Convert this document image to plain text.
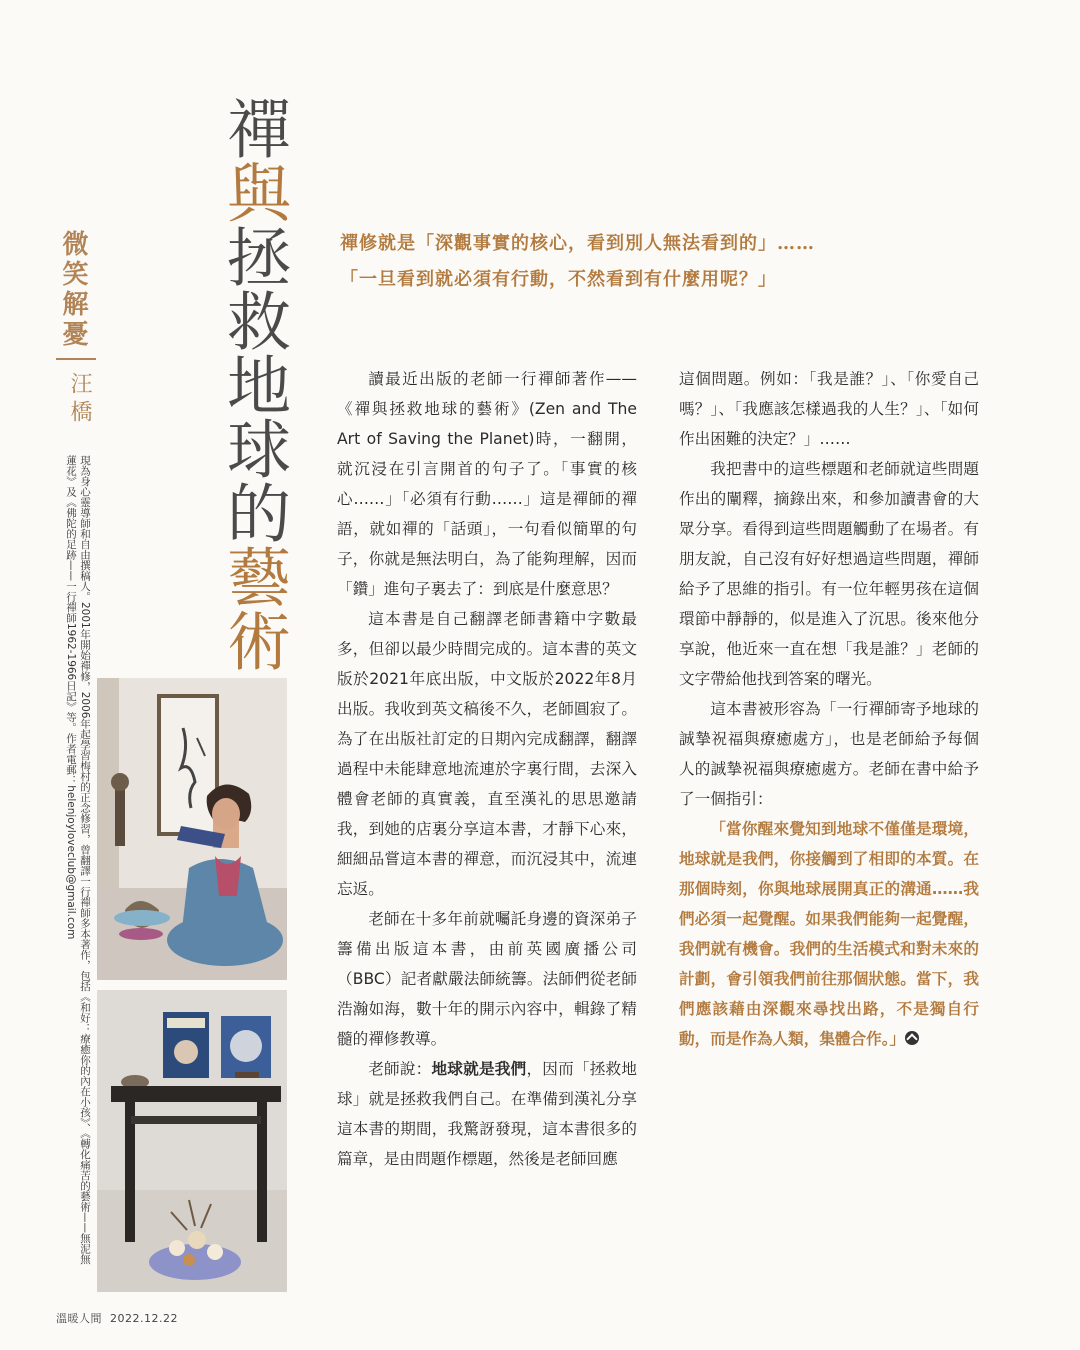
微笑解憂
汪橋
現為身心靈導師和自由撰稿人。2001年開始禪修，2006年起學習梅村的正念修習，曾翻譯一行禪師多本著作，包括《和好：療癒你的內在小孩》、《轉化痛苦的藝術——無泥無蓮花》及《佛陀的足跡——一行禪師1962-1966日記》等。作者電郵：helenjoyloveclub@gmail.com
禪與拯救地球的藝術

禪修就是「深觀事實的核心，看到別人無法看到的」……

「一旦看到就必須有行動，不然看到有什麼用呢？」

讀最近出版的老師一行禪師著作——《禪與拯救地球的藝術》(Zen and The Art of Saving the Planet)時，一翻開，就沉浸在引言開首的句子了。「事實的核心……」「必須有行動……」這是禪師的禪語，就如禪的「話頭」，一句看似簡單的句子，你就是無法明白，為了能夠理解，因而「鑽」進句子裏去了：到底是什麼意思？

這本書是自己翻譯老師書籍中字數最多，但卻以最少時間完成的。這本書的英文版於2021年底出版，中文版於2022年8月出版。我收到英文稿後不久，老師圓寂了。為了在出版社訂定的日期內完成翻譯，翻譯過程中未能肆意地流連於字裏行間，去深入體會老師的真實義，直至漢礼的思思邀請我，到她的店裏分享這本書，才靜下心來，細細品嘗這本書的禪意，而沉浸其中，流連忘返。

老師在十多年前就囑託身邊的資深弟子籌備出版這本書，由前英國廣播公司（BBC）記者獻嚴法師統籌。法師們從老師浩瀚如海，數十年的開示內容中，輯錄了精髓的禪修教導。

老師說：地球就是我們，因而「拯救地球」就是拯救我們自己。在準備到漢礼分享這本書的期間，我驚訝發現，這本書很多的篇章，是由問題作標題，然後是老師回應

這個問題。例如：「我是誰？」、「你愛自己嗎？」、「我應該怎樣過我的人生？」、「如何作出困難的決定？」……

我把書中的這些標題和老師就這些問題作出的闡釋，摘錄出來，和參加讀書會的大眾分享。看得到這些問題觸動了在場者。有朋友說，自己沒有好好想過這些問題，禪師給予了思維的指引。有一位年輕男孩在這個環節中靜靜的，似是進入了沉思。後來他分享說，他近來一直在想「我是誰？」老師的文字帶給他找到答案的曙光。

這本書被形容為「一行禪師寄予地球的誠摯祝福與療癒處方」，也是老師給予每個人的誠摯祝福與療癒處方。老師在書中給予了一個指引：

「當你醒來覺知到地球不僅僅是環境，地球就是我們，你接觸到了相即的本質。在那個時刻，你與地球展開真正的溝通……我們必須一起覺醒。如果我們能夠一起覺醒，我們就有機會。我們的生活模式和對未來的計劃，會引領我們前往那個狀態。當下，我們應該藉由深觀來尋找出路，不是獨自行動，而是作為人類，集體合作。」

溫暖人間 2022.12.22
